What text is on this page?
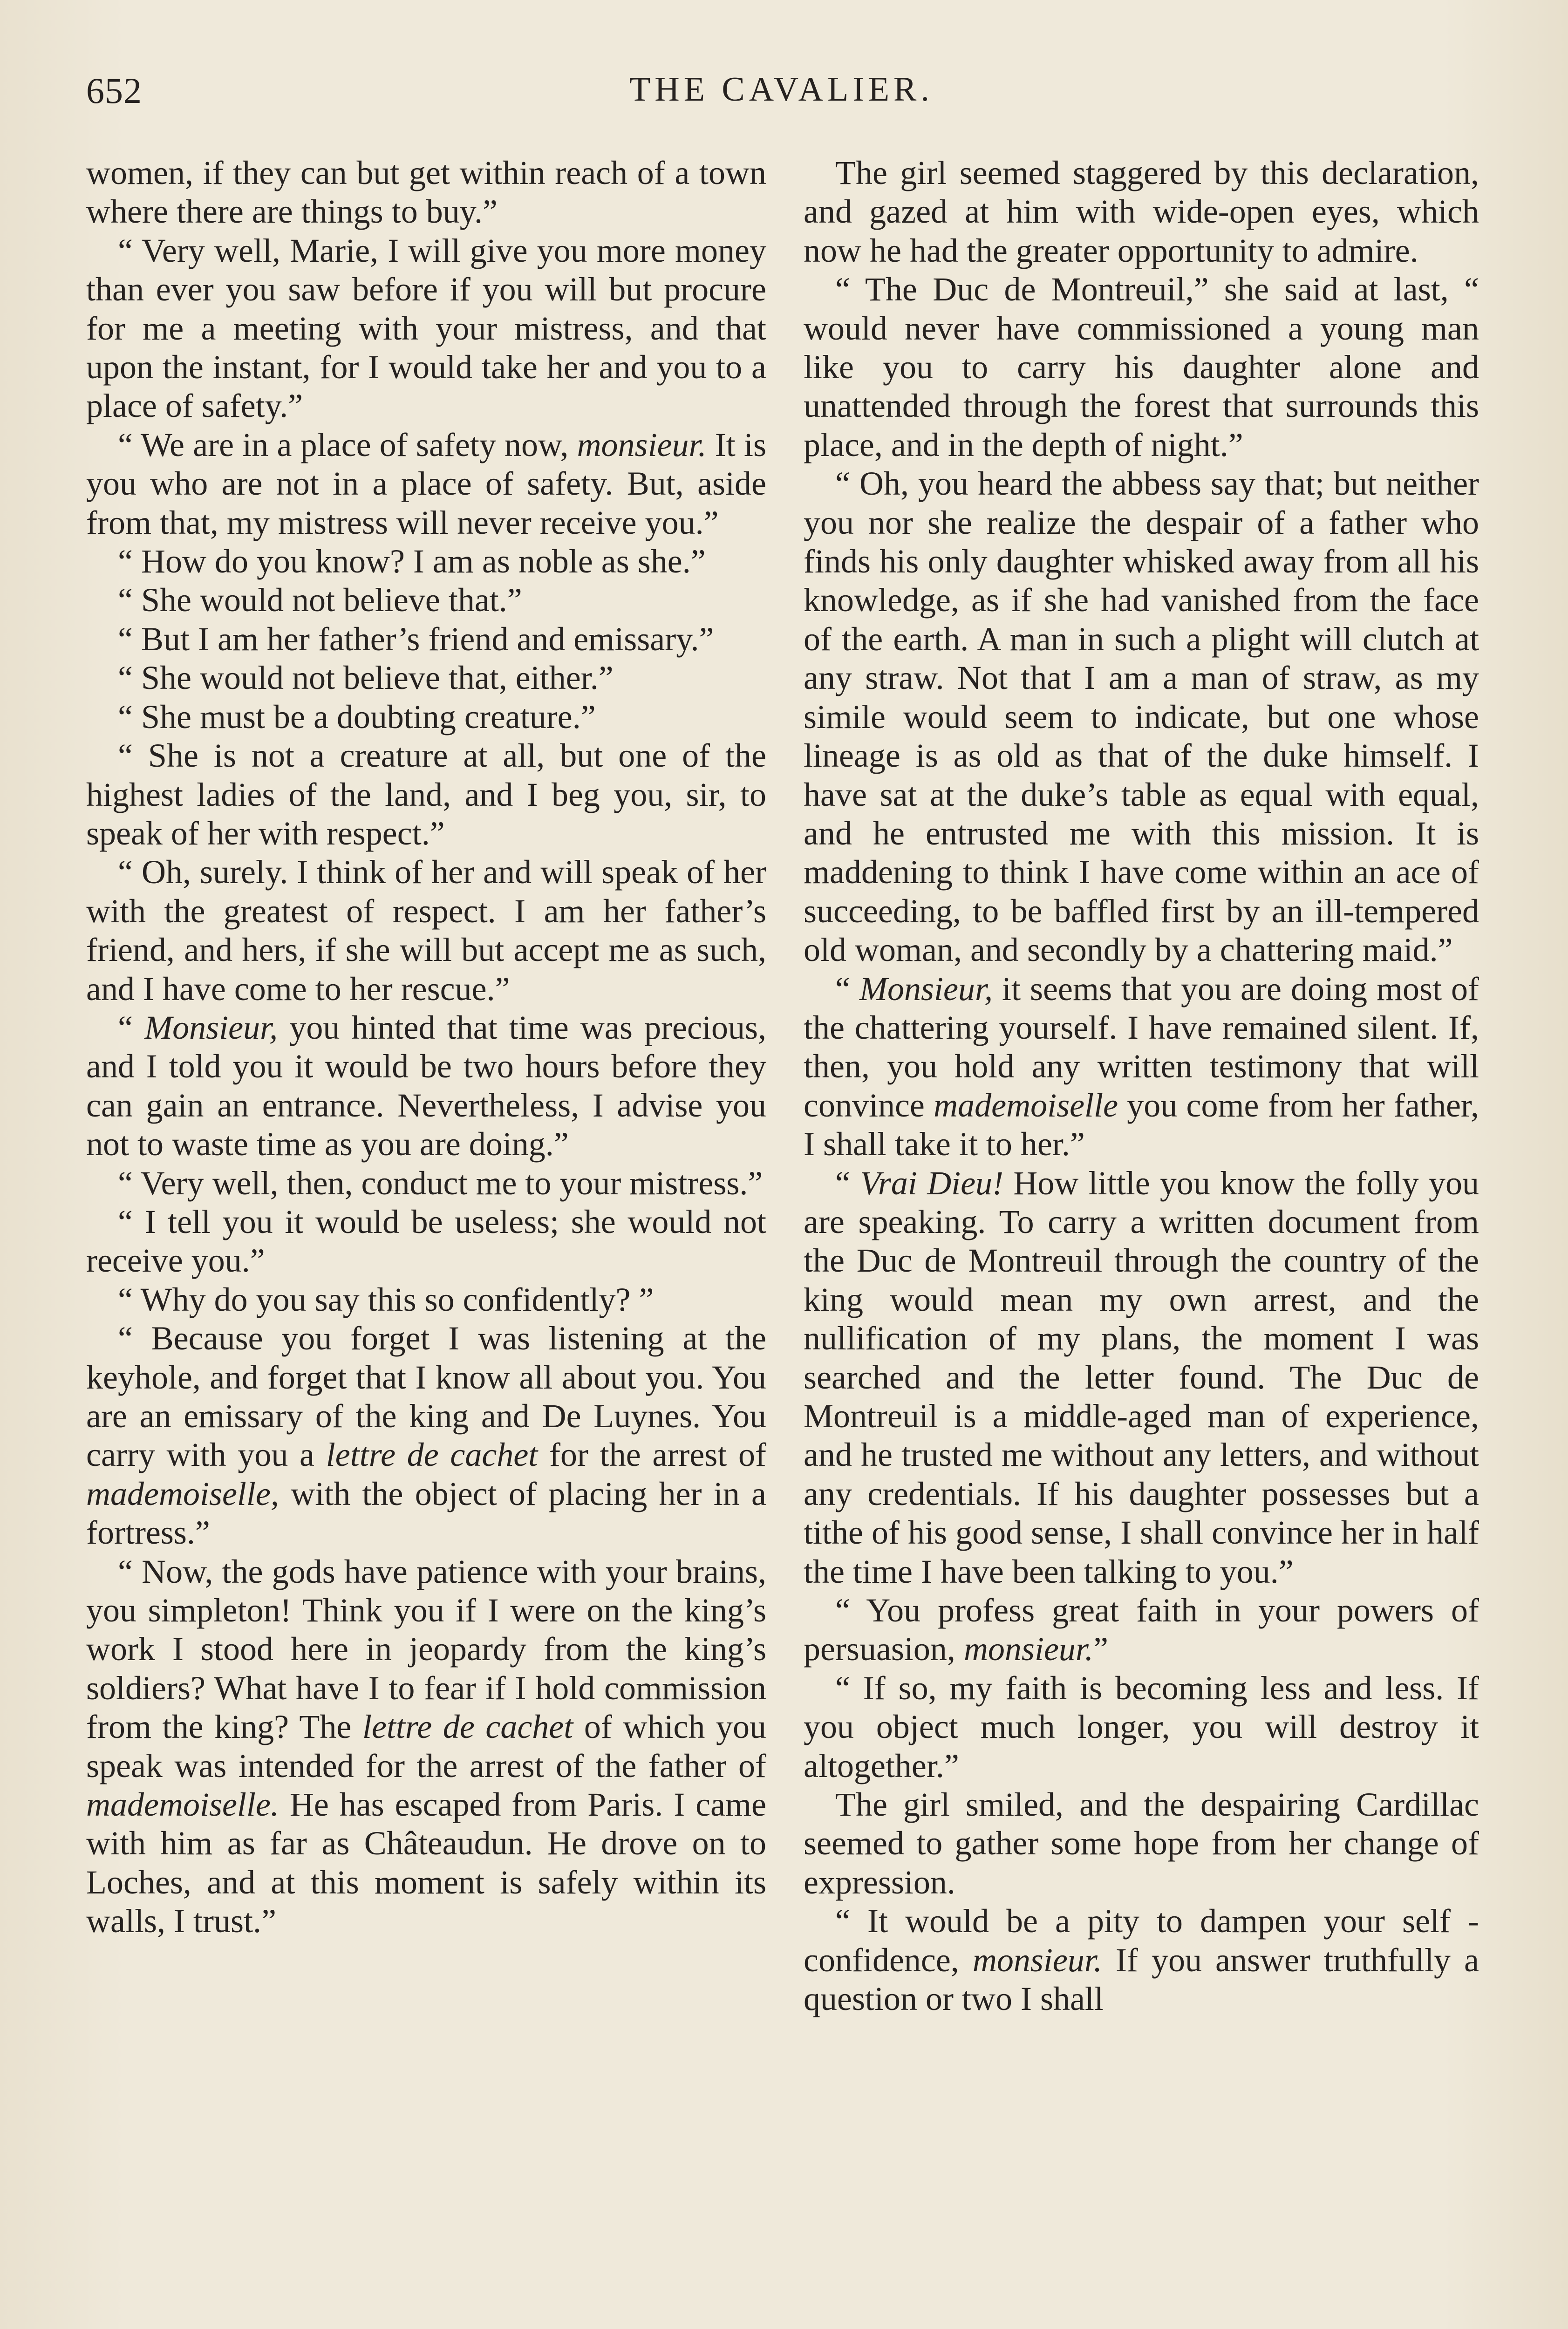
652	THE CAVALIER.

women, if they can but get within reach of a town where there are things to buy.”

“ Very well, Marie, I will give you more money than ever you saw before if you will but procure for me a meeting with your mistress, and that upon the instant, for I would take her and you to a place of safety.”

“ We are in a place of safety now, monsieur. It is you who are not in a place of safety. But, aside from that, my mistress will never receive you.”

“ How do you know? I am as noble as she.”

“ She would not believe that.”

“ But I am her father’s friend and emissary.”

“ She would not believe that, either.”

“ She must be a doubting creature.”

“ She is not a creature at all, but one of the highest ladies of the land, and I beg you, sir, to speak of her with respect.”

“ Oh, surely. I think of her and will speak of her with the greatest of respect. I am her father’s friend, and hers, if she will but accept me as such, and I have come to her rescue.”

“ Monsieur, you hinted that time was precious, and I told you it would be two hours before they can gain an entrance. Nevertheless, I advise you not to waste time as you are doing.”

“ Very well, then, conduct me to your mistress.”

“ I tell you it would be useless; she would not receive you.”

“ Why do you say this so confidently? ”

“ Because you forget I was listening at the keyhole, and forget that I know all about you. You are an emissary of the king and De Luynes. You carry with you a lettre de cachet for the arrest of mademoiselle, with the object of placing her in a fortress.”

“ Now, the gods have patience with your brains, you simpleton! Think you if I were on the king’s work I stood here in jeopardy from the king’s soldiers? What have I to fear if I hold commission from the king? The lettre de cachet of which you speak was intended for the arrest of the father of mademoiselle. He has escaped from Paris. I came with him as far as Châteaudun. He drove on to Loches, and at this moment is safely within its walls, I trust.”

The girl seemed staggered by this declaration, and gazed at him with wide-open eyes, which now he had the greater opportunity to admire.

“ The Duc de Montreuil,” she said at last, “ would never have commissioned a young man like you to carry his daughter alone and unattended through the forest that surrounds this place, and in the depth of night.”

“ Oh, you heard the abbess say that; but neither you nor she realize the despair of a father who finds his only daughter whisked away from all his knowledge, as if she had vanished from the face of the earth. A man in such a plight will clutch at any straw. Not that I am a man of straw, as my simile would seem to indicate, but one whose lineage is as old as that of the duke himself. I have sat at the duke’s table as equal with equal, and he entrusted me with this mission. It is maddening to think I have come within an ace of succeeding, to be baffled first by an ill-tempered old woman, and secondly by a chattering maid.”

“ Monsieur, it seems that you are doing most of the chattering yourself. I have remained silent. If, then, you hold any written testimony that will convince mademoiselle you come from her father, I shall take it to her.”

“ Vrai Dieu! How little you know the folly you are speaking. To carry a written document from the Duc de Montreuil through the country of the king would mean my own arrest, and the nullification of my plans, the moment I was searched and the letter found. The Duc de Montreuil is a middle-aged man of experience, and he trusted me without any letters, and without any credentials. If his daughter possesses but a tithe of his good sense, I shall convince her in half the time I have been talking to you.”

“ You profess great faith in your powers of persuasion, monsieur.”

“ If so, my faith is becoming less and less. If you object much longer, you will destroy it altogether.”

The girl smiled, and the despairing Cardillac seemed to gather some hope from her change of expression.

“ It would be a pity to dampen your self - confidence, monsieur. If you answer truthfully a question or two I shall
